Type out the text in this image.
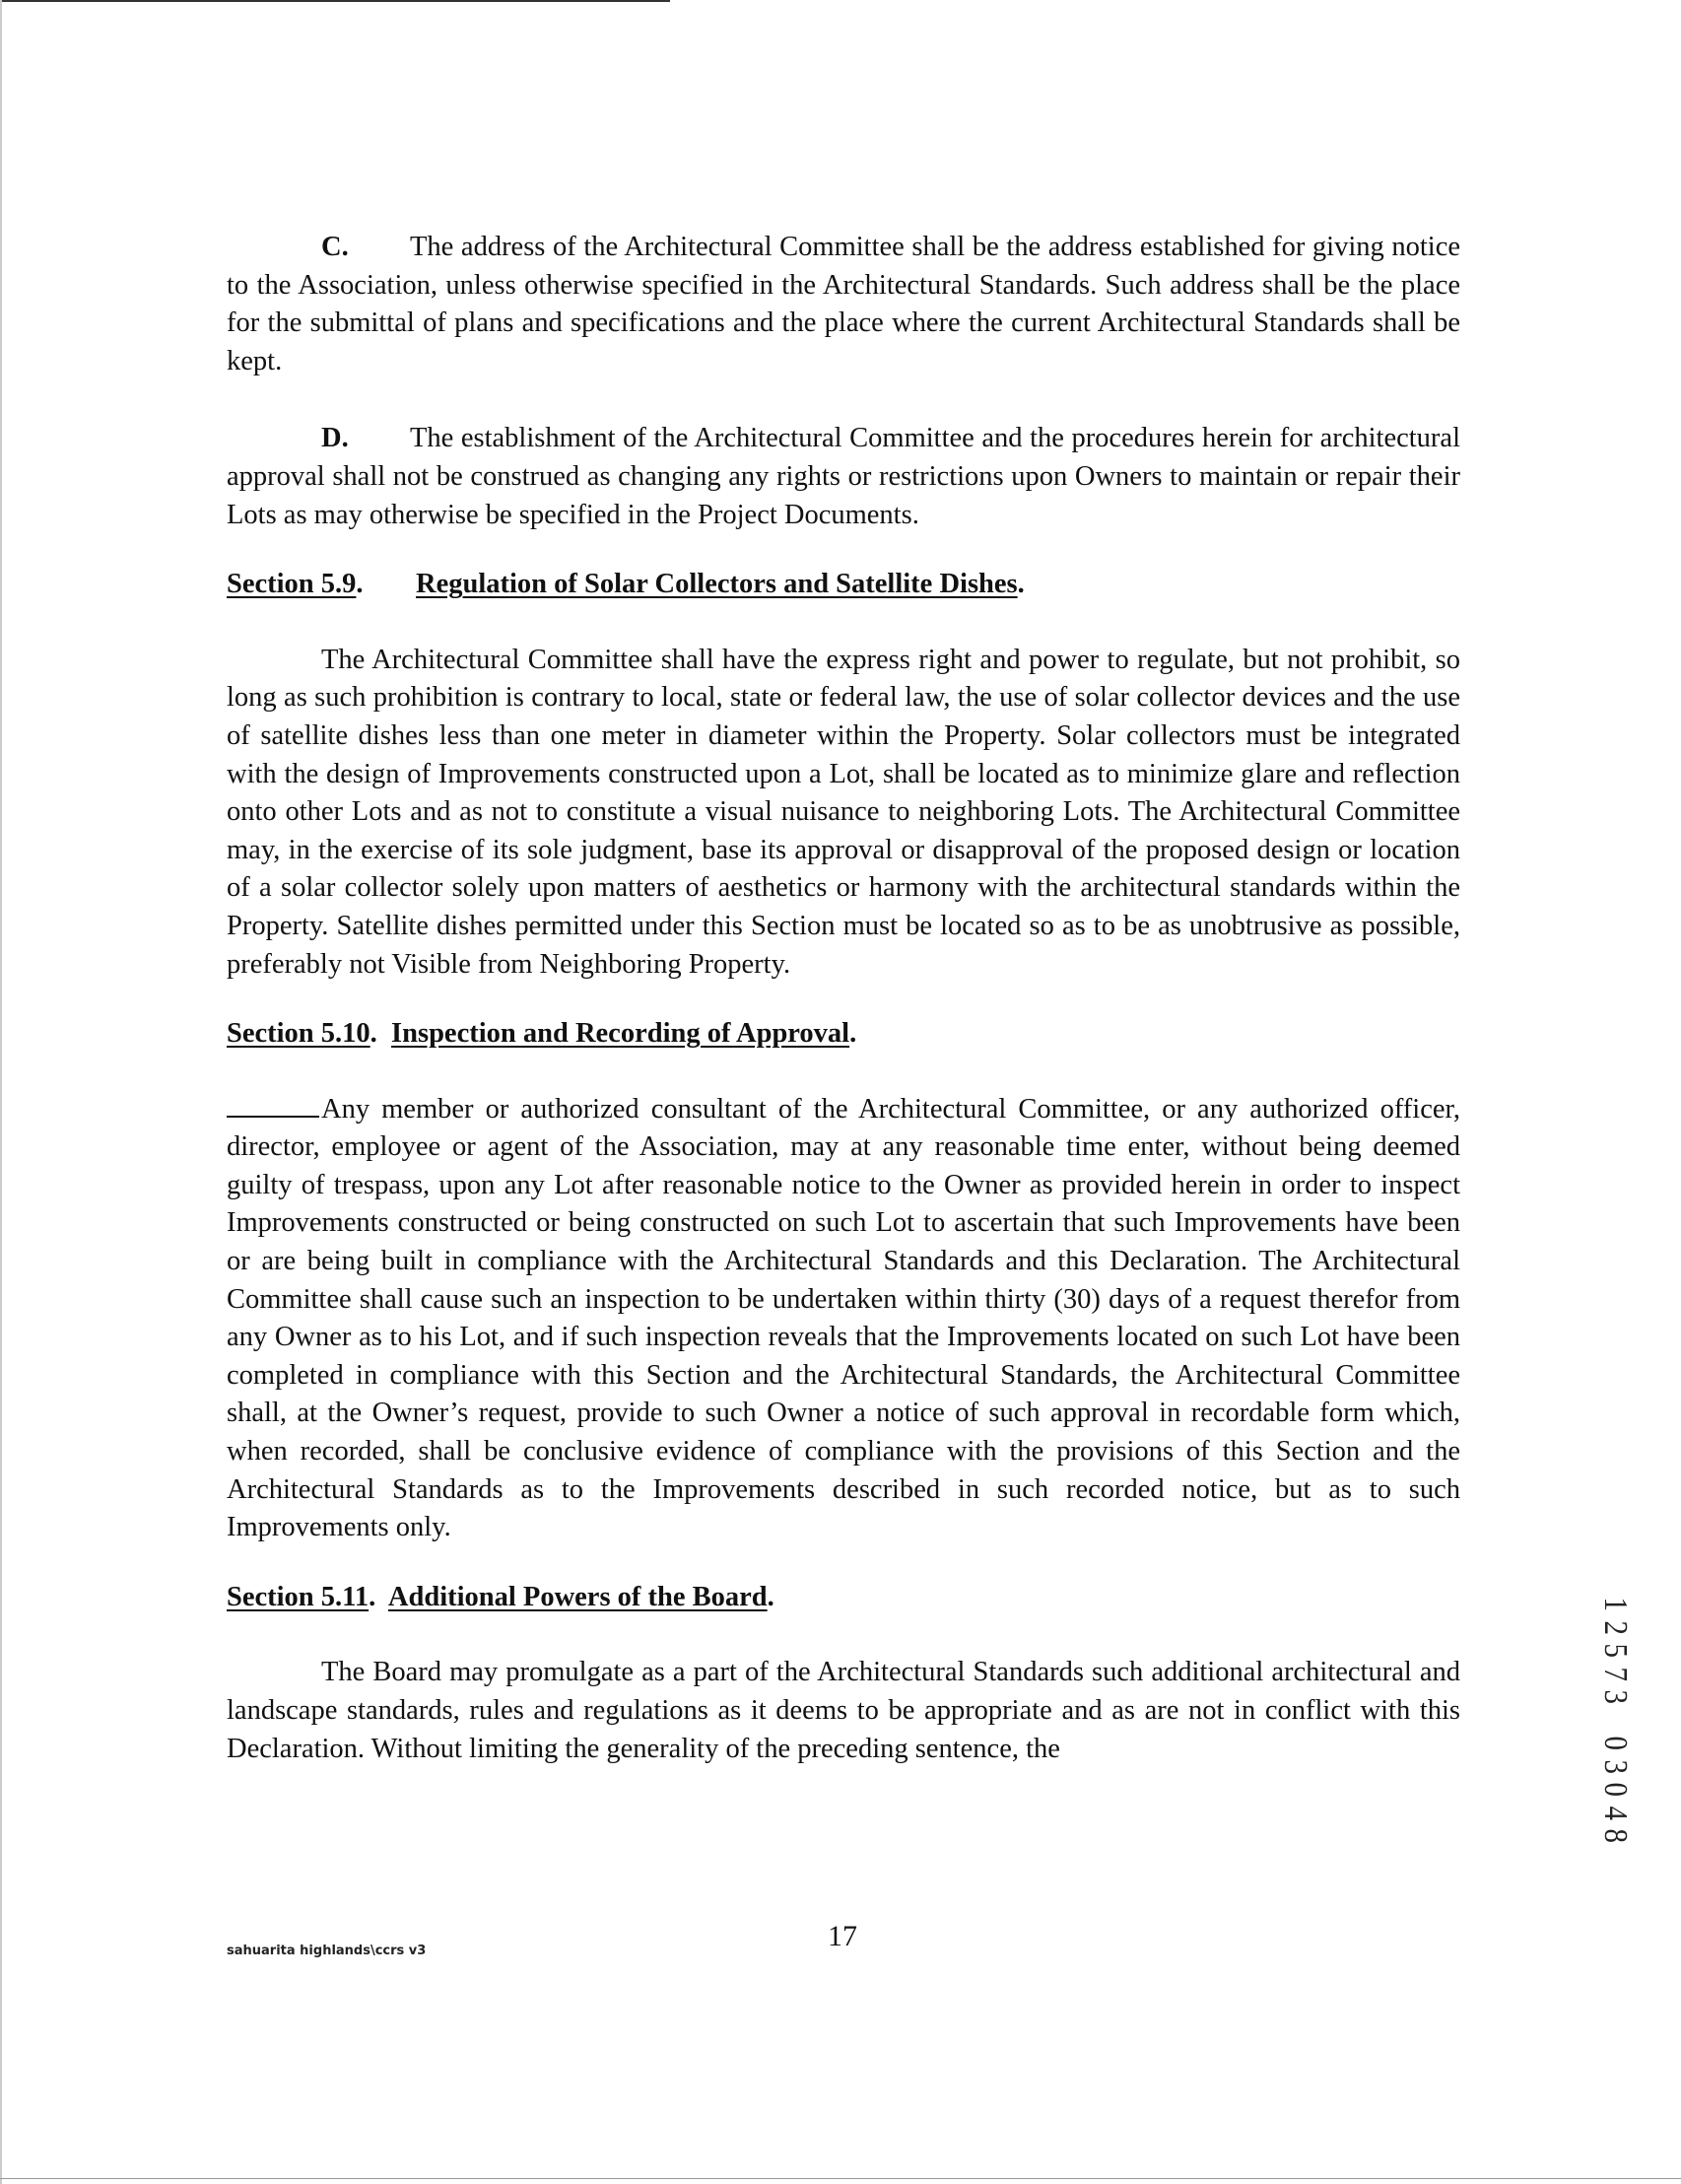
C. The address of the Architectural Committee shall be the address established for giving notice to the Association, unless otherwise specified in the Architectural Standards. Such address shall be the place for the submittal of plans and specifications and the place where the current Architectural Standards shall be kept.

D. The establishment of the Architectural Committee and the procedures herein for architectural approval shall not be construed as changing any rights or restrictions upon Owners to maintain or repair their Lots as may otherwise be specified in the Project Documents.

Section 5.9. Regulation of Solar Collectors and Satellite Dishes.

The Architectural Committee shall have the express right and power to regulate, but not prohibit, so long as such prohibition is contrary to local, state or federal law, the use of solar collector devices and the use of satellite dishes less than one meter in diameter within the Property. Solar collectors must be integrated with the design of Improvements constructed upon a Lot, shall be located as to minimize glare and reflection onto other Lots and as not to constitute a visual nuisance to neighboring Lots. The Architectural Committee may, in the exercise of its sole judgment, base its approval or disapproval of the proposed design or location of a solar collector solely upon matters of aesthetics or harmony with the architectural standards within the Property. Satellite dishes permitted under this Section must be located so as to be as unobtrusive as possible, preferably not Visible from Neighboring Property.

Section 5.10.  Inspection and Recording of Approval.

Any member or authorized consultant of the Architectural Committee, or any authorized officer, director, employee or agent of the Association, may at any reasonable time enter, without being deemed guilty of trespass, upon any Lot after reasonable notice to the Owner as provided herein in order to inspect Improvements constructed or being constructed on such Lot to ascertain that such Improvements have been or are being built in compliance with the Architectural Standards and this Declaration. The Architectural Committee shall cause such an inspection to be undertaken within thirty (30) days of a request therefor from any Owner as to his Lot, and if such inspection reveals that the Improvements located on such Lot have been completed in compliance with this Section and the Architectural Standards, the Architectural Committee shall, at the Owner’s request, provide to such Owner a notice of such approval in recordable form which, when recorded, shall be conclusive evidence of compliance with the provisions of this Section and the Architectural Standards as to the Improvements described in such recorded notice, but as to such Improvements only.

Section 5.11.  Additional Powers of the Board.

The Board may promulgate as a part of the Architectural Standards such additional architectural and landscape standards, rules and regulations as it deems to be appropriate and as are not in conflict with this Declaration. Without limiting the generality of the preceding sentence, the

sahuarita highlands\ccrs v3	17
1
2
5
7
3
0
3
0
4
8
